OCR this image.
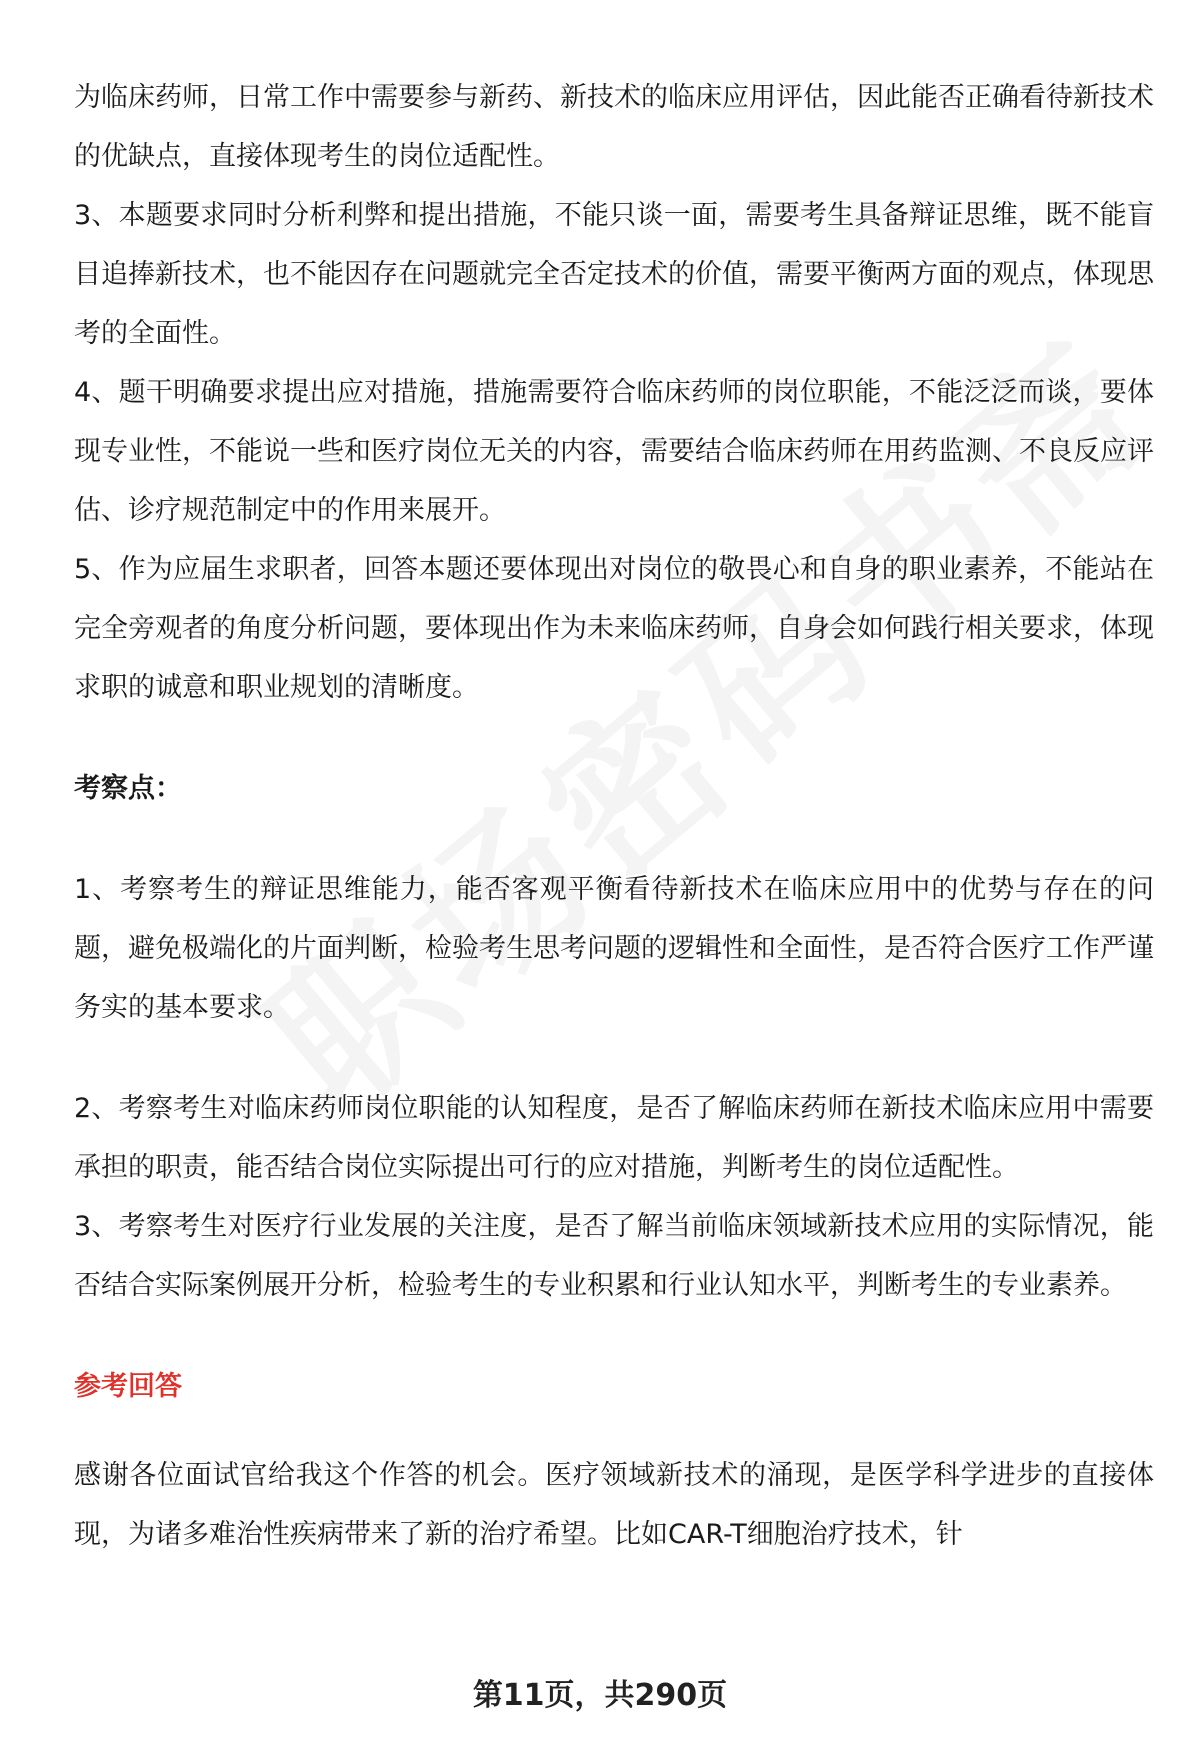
为临床药师，日常工作中需要参与新药、新技术的临床应用评估，因此能否正确看待新技术的优缺点，直接体现考生的岗位适配性。

3、本题要求同时分析利弊和提出措施，不能只谈一面，需要考生具备辩证思维，既不能盲目追捧新技术，也不能因存在问题就完全否定技术的价值，需要平衡两方面的观点，体现思考的全面性。

4、题干明确要求提出应对措施，措施需要符合临床药师的岗位职能，不能泛泛而谈，要体现专业性，不能说一些和医疗岗位无关的内容，需要结合临床药师在用药监测、不良反应评估、诊疗规范制定中的作用来展开。

5、作为应届生求职者，回答本题还要体现出对岗位的敬畏心和自身的职业素养，不能站在完全旁观者的角度分析问题，要体现出作为未来临床药师，自身会如何践行相关要求，体现求职的诚意和职业规划的清晰度。

考察点：

1、考察考生的辩证思维能力，能否客观平衡看待新技术在临床应用中的优势与存在的问题，避免极端化的片面判断，检验考生思考问题的逻辑性和全面性，是否符合医疗工作严谨务实的基本要求。

2、考察考生对临床药师岗位职能的认知程度，是否了解临床药师在新技术临床应用中需要承担的职责，能否结合岗位实际提出可行的应对措施，判断考生的岗位适配性。

3、考察考生对医疗行业发展的关注度，是否了解当前临床领域新技术应用的实际情况，能否结合实际案例展开分析，检验考生的专业积累和行业认知水平，判断考生的专业素养。

参考回答

感谢各位面试官给我这个作答的机会。医疗领域新技术的涌现，是医学科学进步的直接体现，为诸多难治性疾病带来了新的治疗希望。比如CAR-T细胞治疗技术，针

第11页，共290页
